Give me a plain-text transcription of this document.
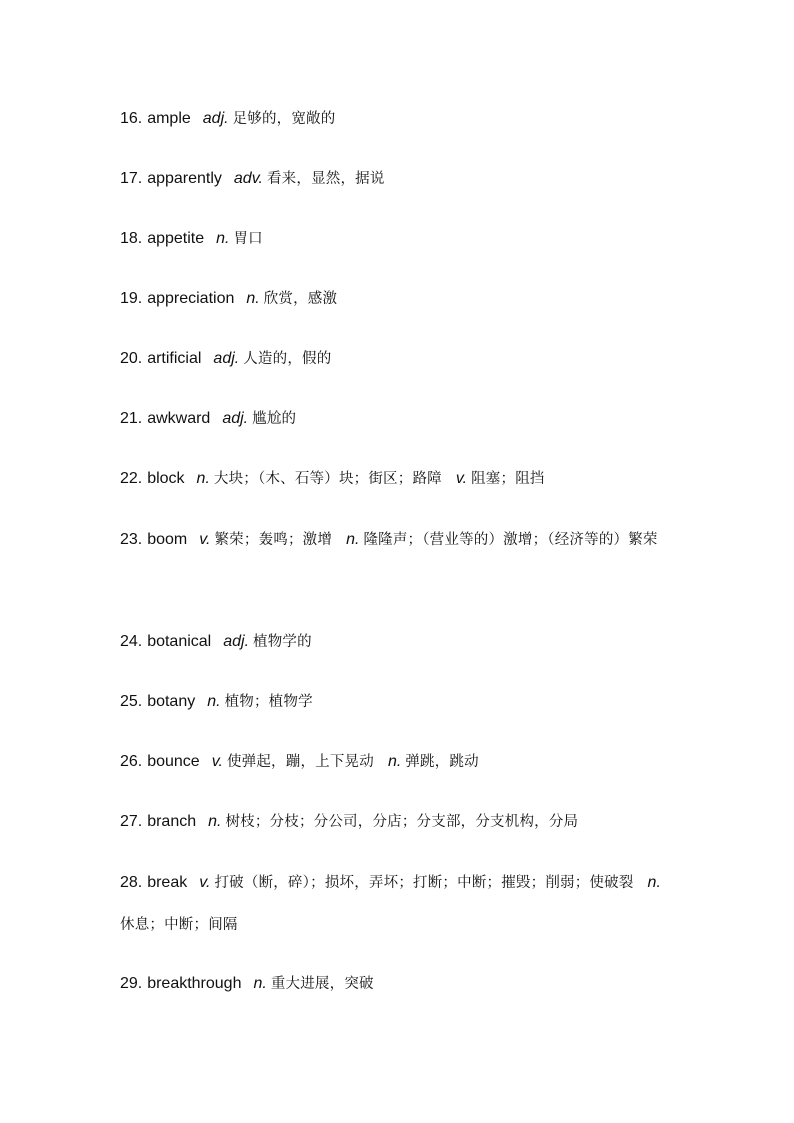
16. ample adj. 足够的，宽敞的
17. apparently adv. 看来，显然，据说
18. appetite n. 胃口
19. appreciation n. 欣赏，感激
20. artificial adj. 人造的，假的
21. awkward adj. 尴尬的
22. block n. 大块；（木、石等）块；街区；路障 v. 阻塞；阻挡
23. boom v. 繁荣；轰鸣；激增 n. 隆隆声；（营业等的）激增；（经济等的）繁荣
24. botanical adj. 植物学的
25. botany n. 植物；植物学
26. bounce v. 使弹起，蹦，上下晃动 n. 弹跳，跳动
27. branch n. 树枝；分枝；分公司，分店；分支部，分支机构，分局
28. break v. 打破（断，碎）；损坏，弄坏；打断；中断；摧毁；削弱；使破裂 n.休息；中断；间隔
29. breakthrough n. 重大进展，突破
